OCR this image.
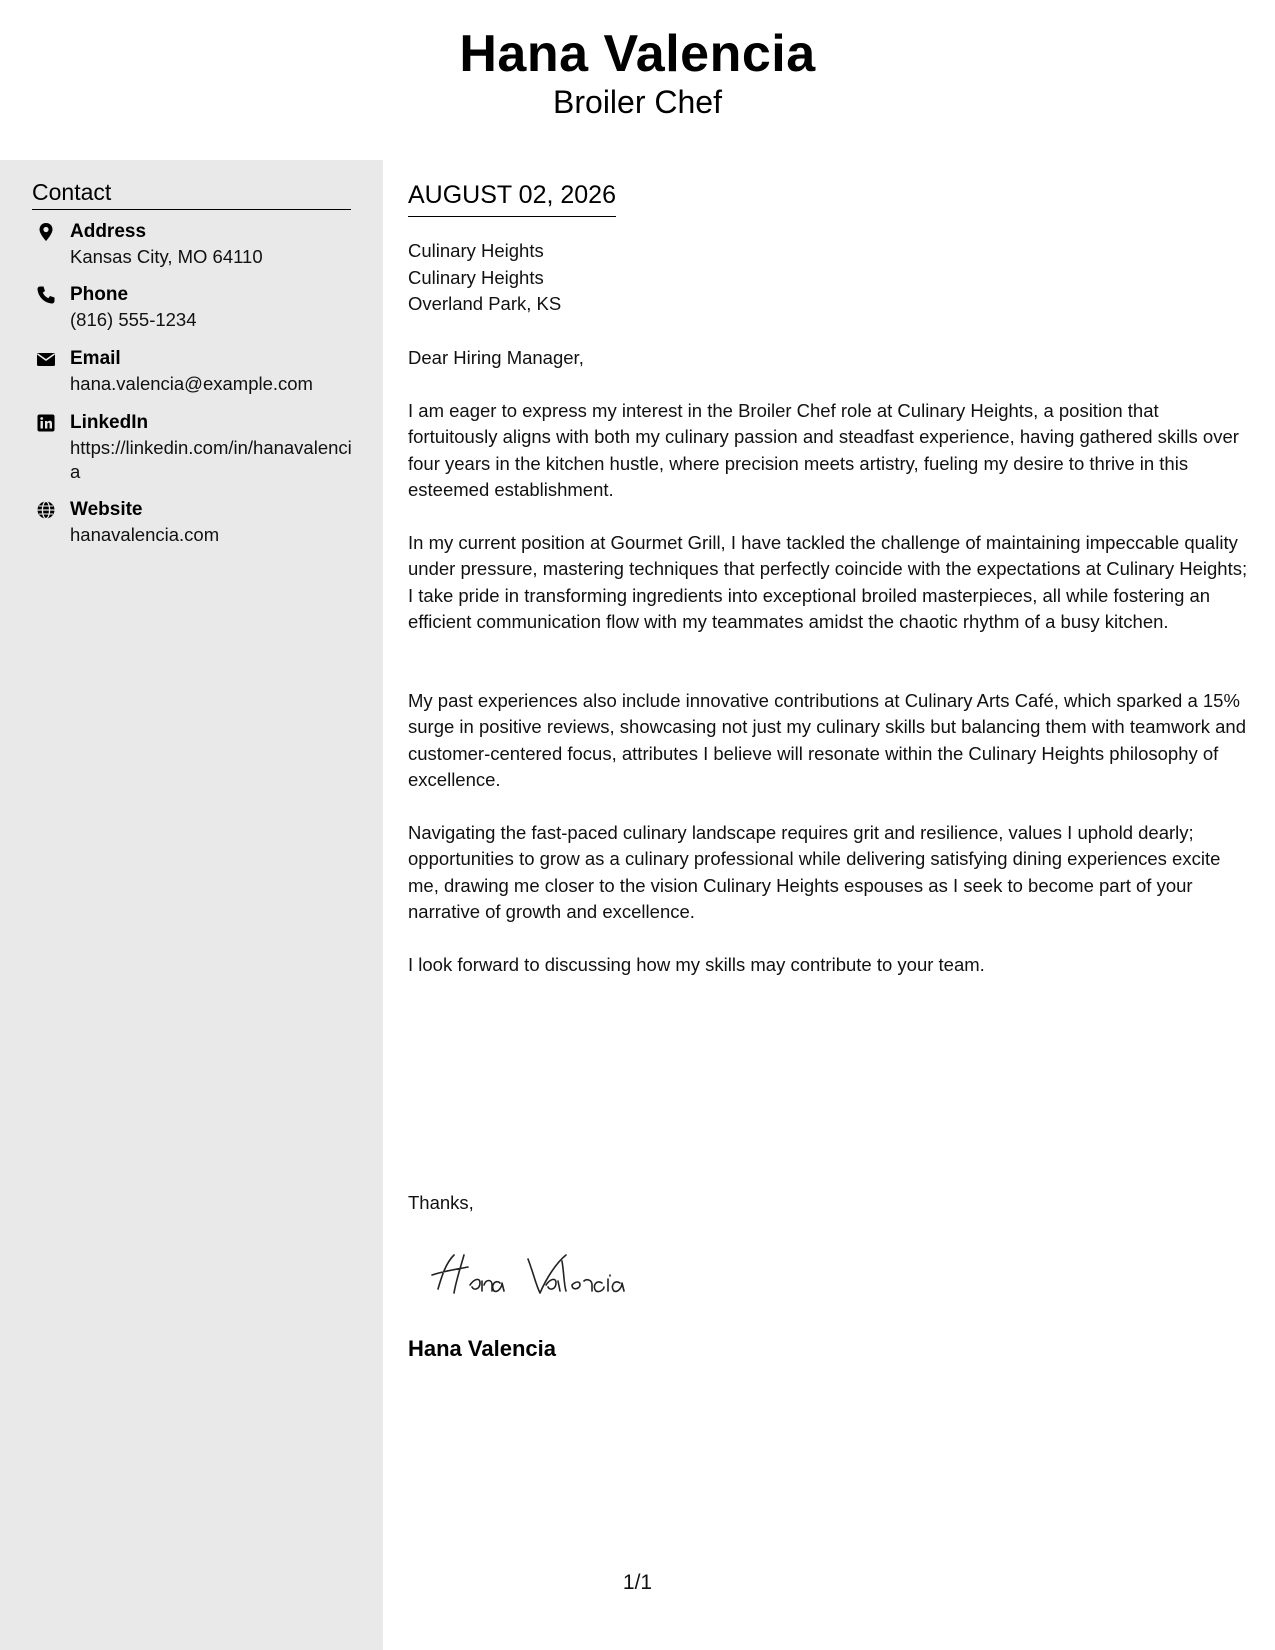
Hana Valencia
Broiler Chef
Contact
Address
Kansas City, MO 64110
Phone
(816) 555-1234
Email
hana.valencia@example.com
LinkedIn
https://linkedin.com/in/hanavalencia
Website
hanavalencia.com
AUGUST 02, 2026
Culinary Heights
Culinary Heights
Overland Park, KS
Dear Hiring Manager,
I am eager to express my interest in the Broiler Chef role at Culinary Heights, a position that fortuitously aligns with both my culinary passion and steadfast experience, having gathered skills over four years in the kitchen hustle, where precision meets artistry, fueling my desire to thrive in this esteemed establishment.
In my current position at Gourmet Grill, I have tackled the challenge of maintaining impeccable quality under pressure, mastering techniques that perfectly coincide with the expectations at Culinary Heights; I take pride in transforming ingredients into exceptional broiled masterpieces, all while fostering an efficient communication flow with my teammates amidst the chaotic rhythm of a busy kitchen.
My past experiences also include innovative contributions at Culinary Arts Café, which sparked a 15% surge in positive reviews, showcasing not just my culinary skills but balancing them with teamwork and customer-centered focus, attributes I believe will resonate within the Culinary Heights philosophy of excellence.
Navigating the fast-paced culinary landscape requires grit and resilience, values I uphold dearly; opportunities to grow as a culinary professional while delivering satisfying dining experiences excite me, drawing me closer to the vision Culinary Heights espouses as I seek to become part of your narrative of growth and excellence.
I look forward to discussing how my skills may contribute to your team.
Thanks,
Hana Valencia
1/1
